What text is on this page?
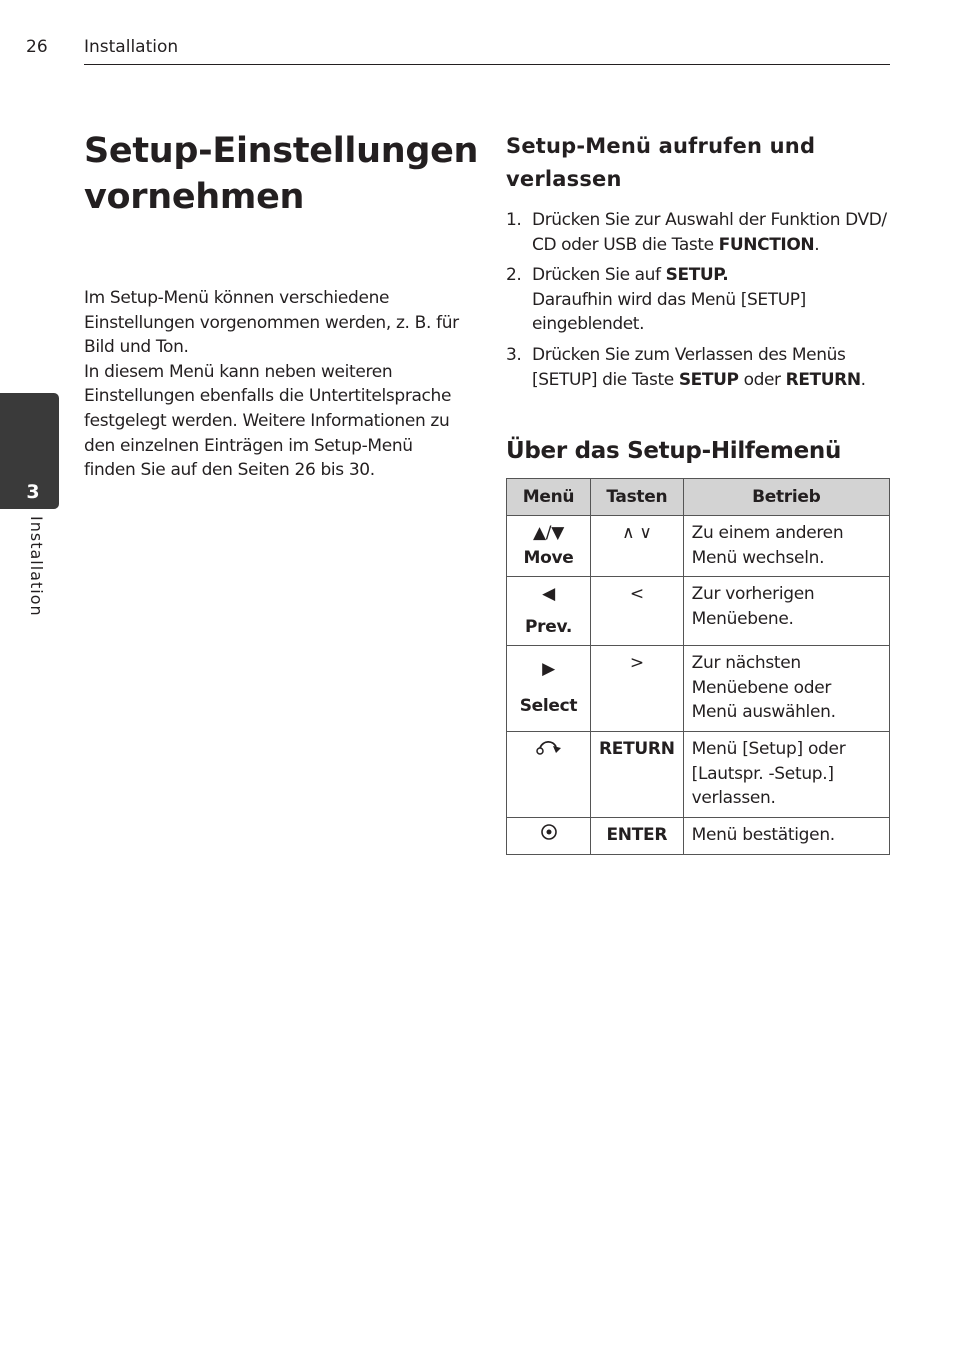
26 Installation
3
Installation
Setup-Einstellungen
vornehmen

Im Setup-Menü können verschiedene Einstellungen vorgenommen werden, z. B. für Bild und Ton.

In diesem Menü kann neben weiteren Einstellungen ebenfalls die Untertitelsprache festgelegt werden. Weitere Informationen zu den einzelnen Einträgen im Setup-Menü finden Sie auf den Seiten 26 bis 30.

Setup-Menü aufrufen und verlassen
1. Drücken Sie zur Auswahl der Funktion DVD/ CD oder USB die Taste FUNCTION.
2. Drücken Sie auf SETUP.
Daraufhin wird das Menü [SETUP] eingeblendet.
3. Drücken Sie zum Verlassen des Menüs [SETUP] die Taste SETUP oder RETURN.
Über das Setup-Hilfemenü
Menü	Tasten	Betrieb

▲/▼
Move	∧ ∨	Zu einem anderen Menü wechseln.

◀
Prev.	<	Zur vorherigen Menüebene.

▶
Select	>	Zur nächsten Menüebene oder Menü auswählen.
	RETURN	Menü [Setup] oder [Lautspr. -Setup.] verlassen.
	ENTER	Menü bestätigen.
